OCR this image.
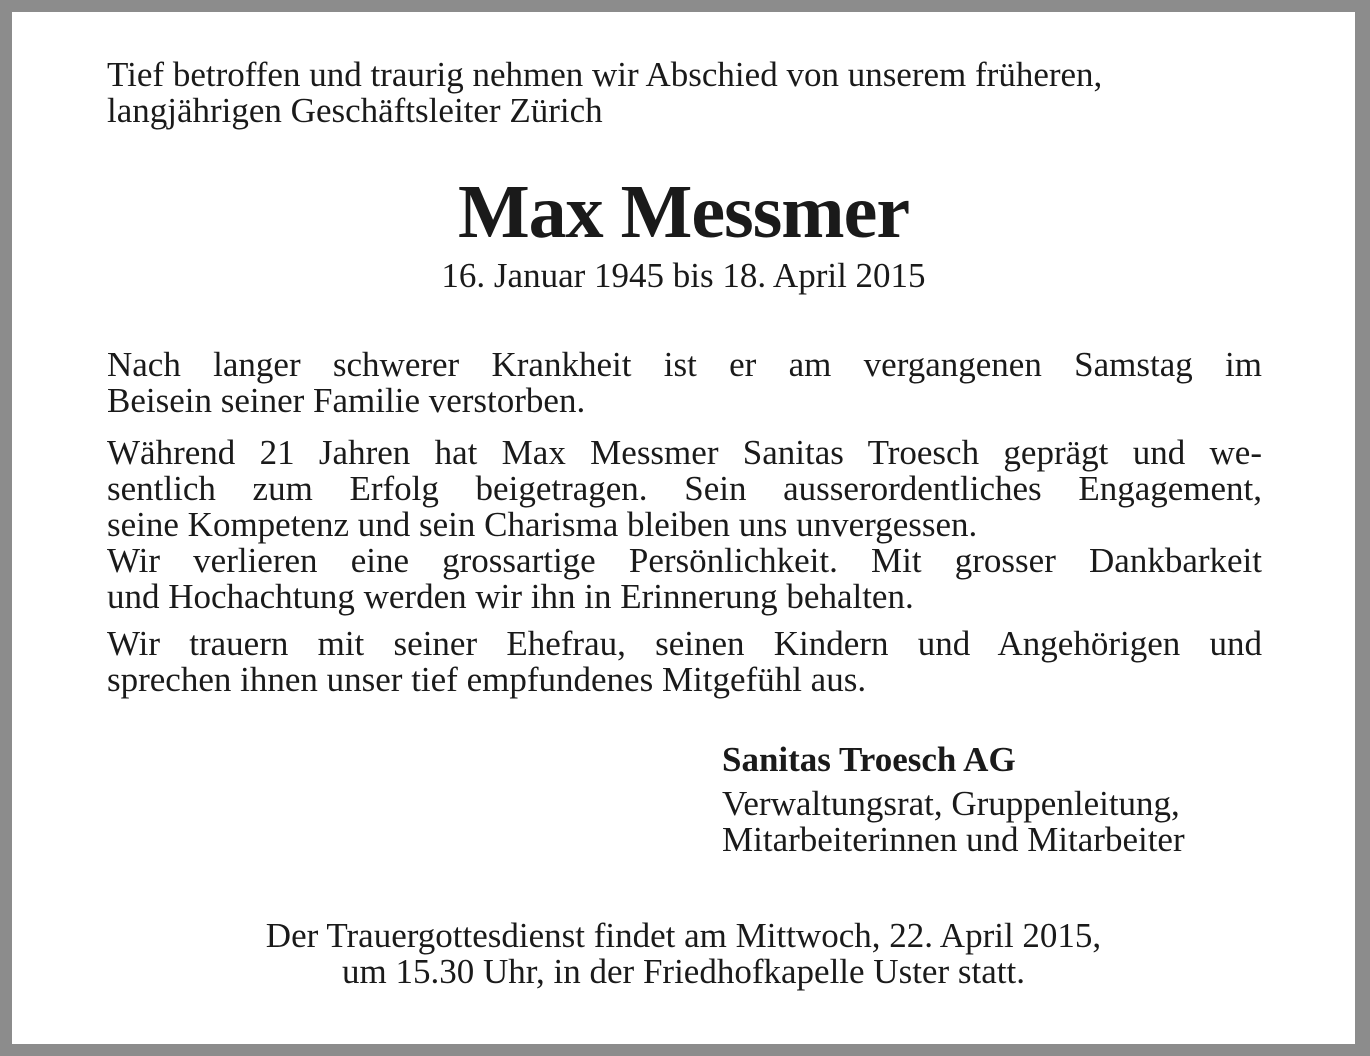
Tief betroffen und traurig nehmen wir Abschied von unserem früheren,
langjährigen Geschäftsleiter Zürich
Max Messmer
16. Januar 1945 bis 18. April 2015
Nach langer schwerer Krankheit ist er am vergangenen Samstag im
Beisein seiner Familie verstorben.
Während 21 Jahren hat Max Messmer Sanitas Troesch geprägt und we-
sentlich zum Erfolg beigetragen. Sein ausserordentliches Engagement,
seine Kompetenz und sein Charisma bleiben uns unvergessen.
Wir verlieren eine grossartige Persönlichkeit. Mit grosser Dankbarkeit
und Hochachtung werden wir ihn in Erinnerung behalten.
Wir trauern mit seiner Ehefrau, seinen Kindern und Angehörigen und
sprechen ihnen unser tief empfundenes Mitgefühl aus.
Sanitas Troesch AG
Verwaltungsrat, Gruppenleitung,
Mitarbeiterinnen und Mitarbeiter
Der Trauergottesdienst findet am Mittwoch, 22. April 2015,
um 15.30 Uhr, in der Friedhofkapelle Uster statt.
